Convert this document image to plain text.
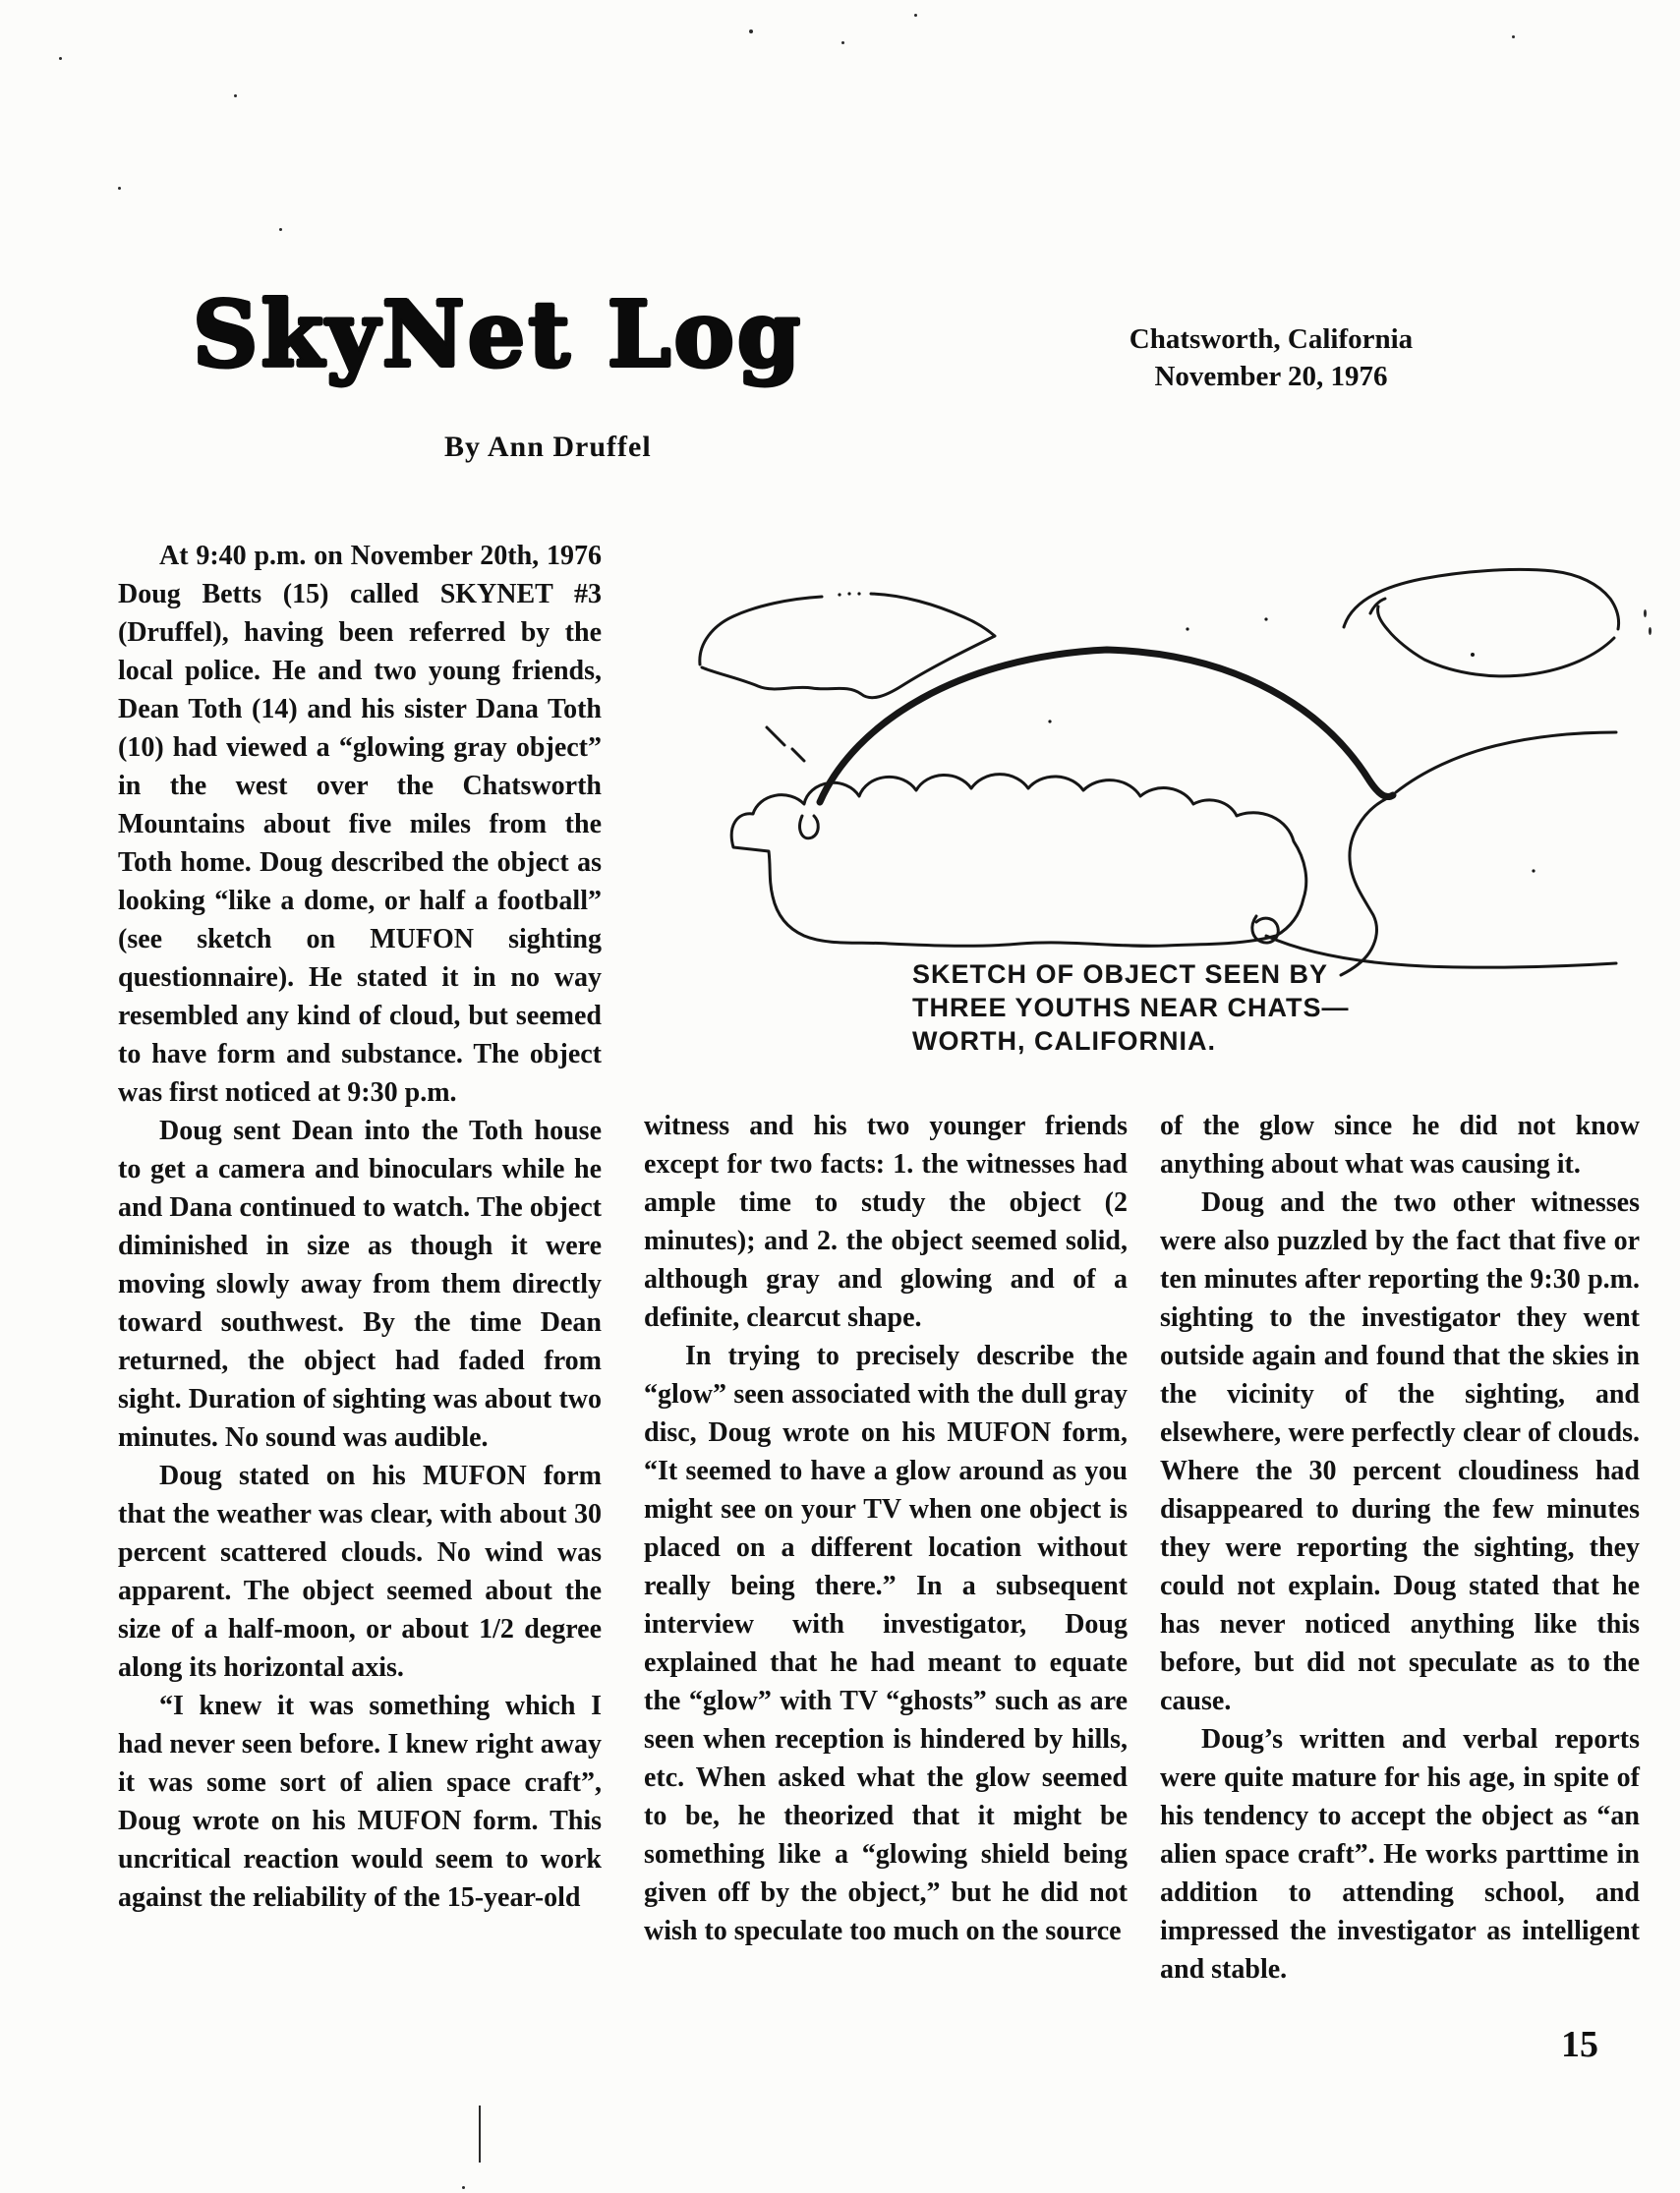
SkyNet Log
By Ann Druffel
Chatsworth, California
November 20, 1976
SKETCH OF OBJECT SEEN BY
THREE YOUTHS NEAR CHATS—
WORTH, CALIFORNIA.

At 9:40 p.m. on November 20th, 1976 Doug Betts (15) called SKYNET #3 (Druffel), having been referred by the local police. He and two young friends, Dean Toth (14) and his sister Dana Toth (10) had viewed a “glowing gray object” in the west over the Chatsworth Mountains about five miles from the Toth home. Doug described the object as looking “like a dome, or half a football” (see sketch on MUFON sighting questionnaire). He stated it in no way resembled any kind of cloud, but seemed to have form and substance. The object was first noticed at 9:30 p.m.

Doug sent Dean into the Toth house to get a camera and binoculars while he and Dana continued to watch. The object diminished in size as though it were moving slowly away from them directly toward southwest. By the time Dean returned, the object had faded from sight. Duration of sighting was about two minutes. No sound was audible.

Doug stated on his MUFON form that the weather was clear, with about 30 percent scattered clouds. No wind was apparent. The object seemed about the size of a half-moon, or about 1/2 degree along its horizontal axis.

“I knew it was something which I had never seen before. I knew right away it was some sort of alien space craft”, Doug wrote on his MUFON form. This uncritical reaction would seem to work against the reliability of the 15-year-old

witness and his two younger friends except for two facts: 1. the witnesses had ample time to study the object (2 minutes); and 2. the object seemed solid, although gray and glowing and of a definite, clearcut shape.

In trying to precisely describe the “glow” seen associated with the dull gray disc, Doug wrote on his MUFON form, “It seemed to have a glow around as you might see on your TV when one object is placed on a different location without really being there.” In a subsequent interview with investigator, Doug explained that he had meant to equate the “glow” with TV “ghosts” such as are seen when reception is hindered by hills, etc. When asked what the glow seemed to be, he theorized that it might be something like a “glowing shield being given off by the object,” but he did not wish to speculate too much on the source

of the glow since he did not know anything about what was causing it.

Doug and the two other witnesses were also puzzled by the fact that five or ten minutes after reporting the 9:30 p.m. sighting to the investigator they went outside again and found that the skies in the vicinity of the sighting, and elsewhere, were perfectly clear of clouds. Where the 30 percent cloudiness had disappeared to during the few minutes they were reporting the sighting, they could not explain. Doug stated that he has never noticed anything like this before, but did not speculate as to the cause.

Doug’s written and verbal reports were quite mature for his age, in spite of his tendency to accept the object as “an alien space craft”. He works parttime in addition to attending school, and impressed the investigator as intelligent and stable.

15
